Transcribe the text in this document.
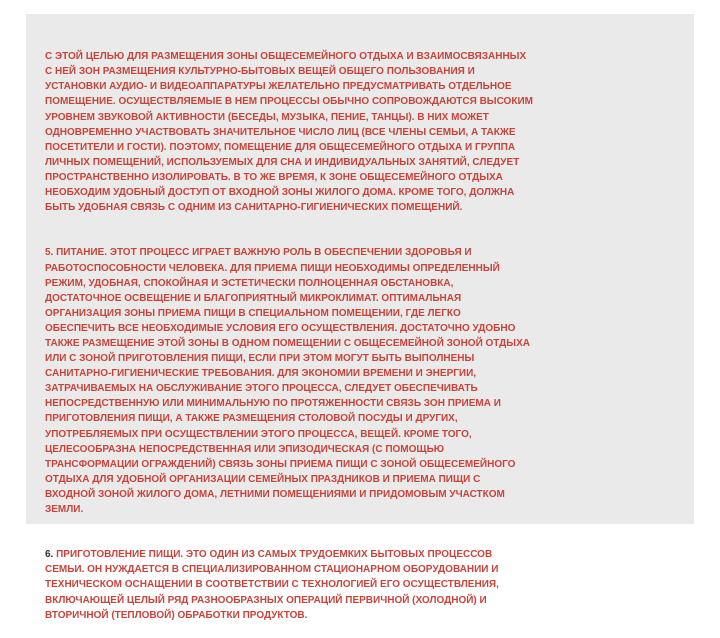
С ЭТОЙ ЦЕЛЬЮ ДЛЯ РАЗМЕЩЕНИЯ ЗОНЫ ОБЩЕСЕМЕЙНОГО ОТДЫХА И ВЗАИМОСВЯЗАННЫХ
С НЕЙ ЗОН РАЗМЕЩЕНИЯ КУЛЬТУРНО-БЫТОВЫХ ВЕЩЕЙ ОБЩЕГО ПОЛЬЗОВАНИЯ И
УСТАНОВКИ АУДИО- И ВИДЕОАППАРАТУРЫ ЖЕЛАТЕЛЬНО ПРЕДУСМАТРИВАТЬ ОТДЕЛЬНОЕ
ПОМЕЩЕНИЕ. ОСУЩЕСТВЛЯЕМЫЕ В НЕМ ПРОЦЕССЫ ОБЫЧНО СОПРОВОЖДАЮТСЯ ВЫСОКИМ
УРОВНЕМ ЗВУКОВОЙ АКТИВНОСТИ (БЕСЕДЫ, МУЗЫКА, ПЕНИЕ, ТАНЦЫ). В НИХ МОЖЕТ
ОДНОВРЕМЕННО УЧАСТВОВАТЬ ЗНАЧИТЕЛЬНОЕ ЧИСЛО ЛИЦ (ВСЕ ЧЛЕНЫ СЕМЬИ, А ТАКЖЕ
ПОСЕТИТЕЛИ И ГОСТИ). ПОЭТОМУ, ПОМЕЩЕНИЕ ДЛЯ ОБЩЕСЕМЕЙНОГО ОТДЫХА И ГРУППА
ЛИЧНЫХ ПОМЕЩЕНИЙ, ИСПОЛЬЗУЕМЫХ ДЛЯ СНА И ИНДИВИДУАЛЬНЫХ ЗАНЯТИЙ, СЛЕДУЕТ
ПРОСТРАНСТВЕННО ИЗОЛИРОВАТЬ. В ТО ЖЕ ВРЕМЯ, К ЗОНЕ ОБЩЕСЕМЕЙНОГО ОТДЫХА
НЕОБХОДИМ УДОБНЫЙ ДОСТУП ОТ ВХОДНОЙ ЗОНЫ ЖИЛОГО ДОМА. КРОМЕ ТОГО, ДОЛЖНА
БЫТЬ УДОБНАЯ СВЯЗЬ С ОДНИМ ИЗ САНИТАРНО-ГИГИЕНИЧЕСКИХ ПОМЕЩЕНИЙ.

5. ПИТАНИЕ. ЭТОТ ПРОЦЕСС ИГРАЕТ ВАЖНУЮ РОЛЬ В ОБЕСПЕЧЕНИИ ЗДОРОВЬЯ И
РАБОТОСПОСОБНОСТИ ЧЕЛОВЕКА. ДЛЯ ПРИЕМА ПИЩИ НЕОБХОДИМЫ ОПРЕДЕЛЕННЫЙ
РЕЖИМ, УДОБНАЯ, СПОКОЙНАЯ И ЭСТЕТИЧЕСКИ ПОЛНОЦЕННАЯ ОБСТАНОВКА,
ДОСТАТОЧНОЕ ОСВЕЩЕНИЕ И БЛАГОПРИЯТНЫЙ МИКРОКЛИМАТ. ОПТИМАЛЬНАЯ
ОРГАНИЗАЦИЯ ЗОНЫ ПРИЕМА ПИЩИ В СПЕЦИАЛЬНОМ ПОМЕЩЕНИИ, ГДЕ ЛЕГКО
ОБЕСПЕЧИТЬ ВСЕ НЕОБХОДИМЫЕ УСЛОВИЯ ЕГО ОСУЩЕСТВЛЕНИЯ. ДОСТАТОЧНО УДОБНО
ТАКЖЕ РАЗМЕЩЕНИЕ ЭТОЙ ЗОНЫ В ОДНОМ ПОМЕЩЕНИИ С ОБЩЕСЕМЕЙНОЙ ЗОНОЙ ОТДЫХА
ИЛИ С ЗОНОЙ ПРИГОТОВЛЕНИЯ ПИЩИ, ЕСЛИ ПРИ ЭТОМ МОГУТ БЫТЬ ВЫПОЛНЕНЫ
САНИТАРНО-ГИГИЕНИЧЕСКИЕ ТРЕБОВАНИЯ. ДЛЯ ЭКОНОМИИ ВРЕМЕНИ И ЭНЕРГИИ,
ЗАТРАЧИВАЕМЫХ НА ОБСЛУЖИВАНИЕ ЭТОГО ПРОЦЕССА, СЛЕДУЕТ ОБЕСПЕЧИВАТЬ
НЕПОСРЕДСТВЕННУЮ ИЛИ МИНИМАЛЬНУЮ ПО ПРОТЯЖЕННОСТИ СВЯЗЬ ЗОН ПРИЕМА И
ПРИГОТОВЛЕНИЯ ПИЩИ, А ТАКЖЕ РАЗМЕЩЕНИЯ СТОЛОВОЙ ПОСУДЫ И ДРУГИХ,
УПОТРЕБЛЯЕМЫХ ПРИ ОСУЩЕСТВЛЕНИИ ЭТОГО ПРОЦЕССА, ВЕЩЕЙ. КРОМЕ ТОГО,
ЦЕЛЕСООБРАЗНА НЕПОСРЕДСТВЕННАЯ ИЛИ ЭПИЗОДИЧЕСКАЯ (С ПОМОЩЬЮ
ТРАНСФОРМАЦИИ ОГРАЖДЕНИЙ) СВЯЗЬ ЗОНЫ ПРИЕМА ПИЩИ С ЗОНОЙ ОБЩЕСЕМЕЙНОГО
ОТДЫХА ДЛЯ УДОБНОЙ ОРГАНИЗАЦИИ СЕМЕЙНЫХ ПРАЗДНИКОВ И ПРИЕМА ПИЩИ С
ВХОДНОЙ ЗОНОЙ ЖИЛОГО ДОМА, ЛЕТНИМИ ПОМЕЩЕНИЯМИ И ПРИДОМОВЫМ УЧАСТКОМ
ЗЕМЛИ.

6. ПРИГОТОВЛЕНИЕ ПИЩИ. ЭТО ОДИН ИЗ САМЫХ ТРУДОЕМКИХ БЫТОВЫХ ПРОЦЕССОВ
СЕМЬИ. ОН НУЖДАЕТСЯ В СПЕЦИАЛИЗИРОВАННОМ СТАЦИОНАРНОМ ОБОРУДОВАНИИ И
ТЕХНИЧЕСКОМ ОСНАЩЕНИИ В СООТВЕТСТВИИ С ТЕХНОЛОГИЕЙ ЕГО ОСУЩЕСТВЛЕНИЯ,
ВКЛЮЧАЮЩЕЙ ЦЕЛЫЙ РЯД РАЗНООБРАЗНЫХ ОПЕРАЦИЙ ПЕРВИЧНОЙ (ХОЛОДНОЙ) И
ВТОРИЧНОЙ (ТЕПЛОВОЙ) ОБРАБОТКИ ПРОДУКТОВ.
